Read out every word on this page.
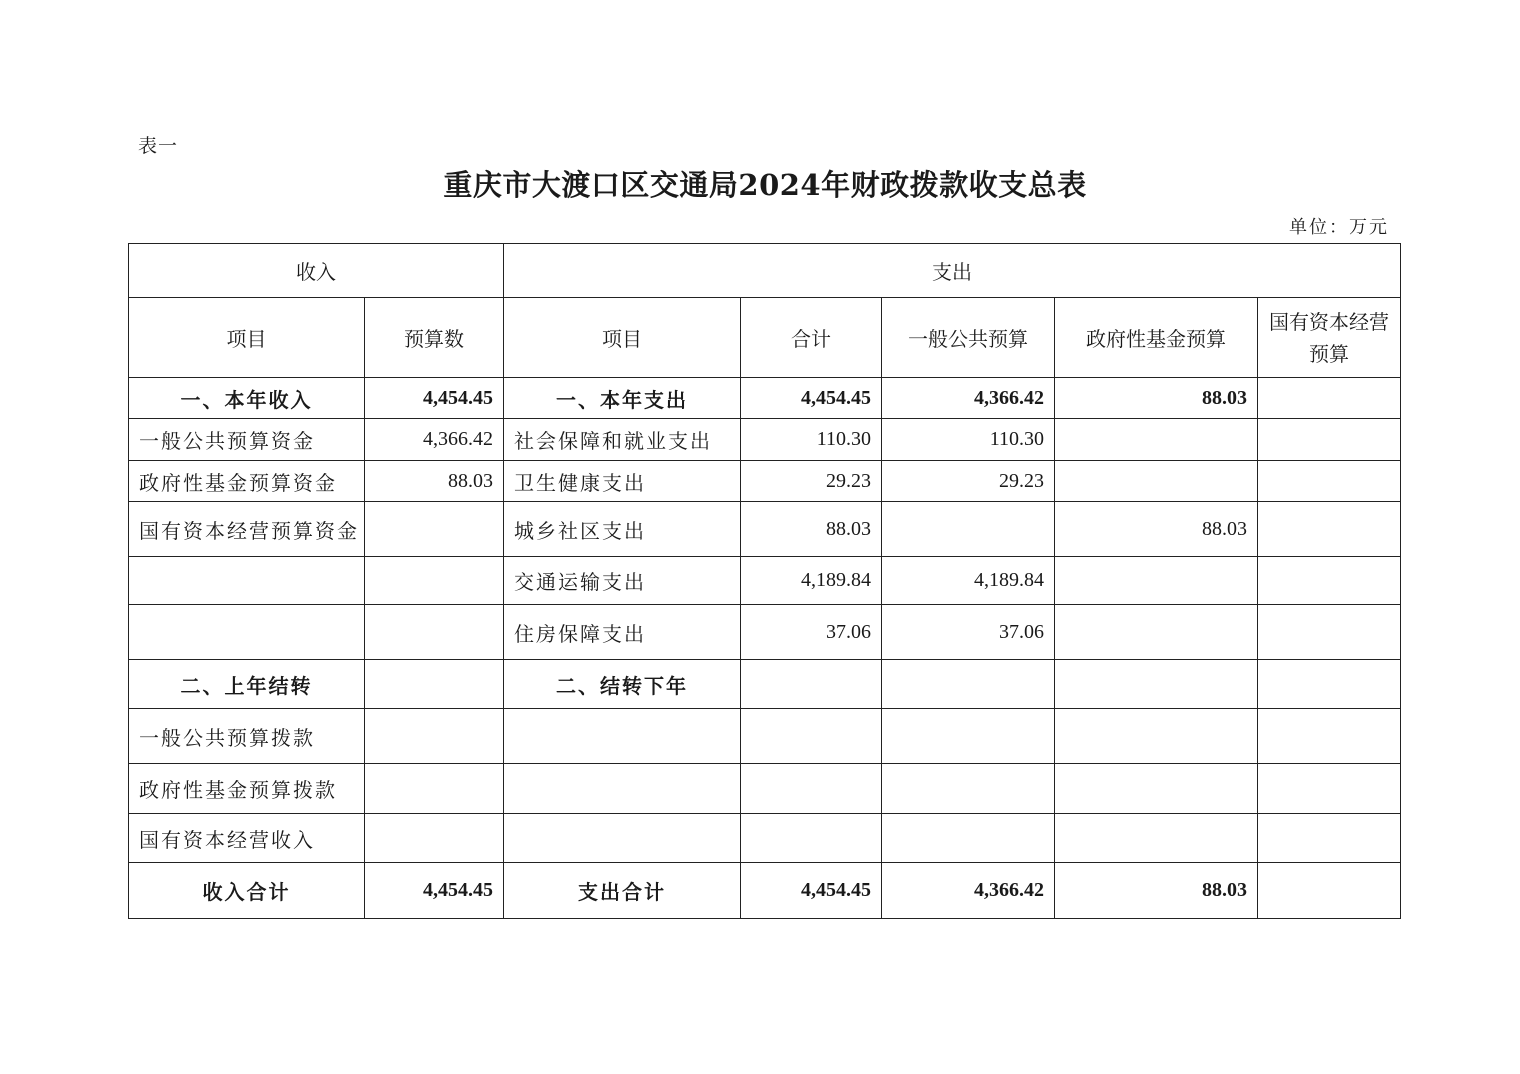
表一
重庆市大渡口区交通局2024年财政拨款收支总表
单位：万元
收入		支出				
项目	预算数	项目	合计	一般公共预算	政府性基金预算	国有资本经营预算
一、本年收入	4,454.45	一、本年支出	4,454.45	4,366.42	88.03	
一般公共预算资金	4,366.42	社会保障和就业支出	110.30	110.30		
政府性基金预算资金	88.03	卫生健康支出	29.23	29.23		
国有资本经营预算资金		城乡社区支出	88.03		88.03	
		交通运输支出	4,189.84	4,189.84		
		住房保障支出	37.06	37.06		
二、上年结转		二、结转下年				
一般公共预算拨款						
政府性基金预算拨款						
国有资本经营收入						
收入合计	4,454.45	支出合计	4,454.45	4,366.42	88.03	
